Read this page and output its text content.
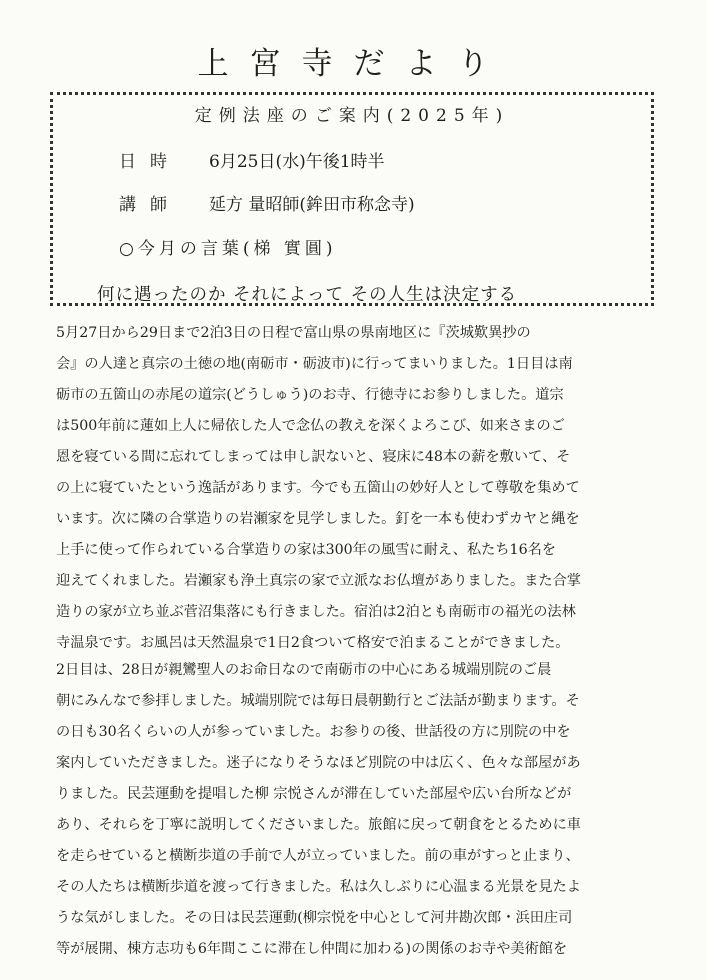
上宮寺だより
定例法座のご案内(2025年)
日時 6月25日(水)午後1時半
講師 延方 量昭師(鉾田市称念寺)
○今月の言葉(梯 實圓)
何に遇ったのか それによって その人生は決定する
5月27日から29日まで2泊3日の日程で富山県の県南地区に『茨城歎異抄の
会』の人達と真宗の土徳の地(南砺市・砺波市)に行ってまいりました。1日目は南
砺市の五箇山の赤尾の道宗(どうしゅう)のお寺、行徳寺にお参りしました。道宗
は500年前に蓮如上人に帰依した人で念仏の教えを深くよろこび、如来さまのご
恩を寝ている間に忘れてしまっては申し訳ないと、寝床に48本の薪を敷いて、そ
の上に寝ていたという逸話があります。今でも五箇山の妙好人として尊敬を集めて
います。次に隣の合掌造りの岩瀬家を見学しました。釘を一本も使わずカヤと縄を
上手に使って作られている合掌造りの家は300年の風雪に耐え、私たち16名を
迎えてくれました。岩瀬家も浄土真宗の家で立派なお仏壇がありました。また合掌
造りの家が立ち並ぶ菅沼集落にも行きました。宿泊は2泊とも南砺市の福光の法林
寺温泉です。お風呂は天然温泉で1日2食ついて格安で泊まることができました。
2日目は、28日が親鸞聖人のお命日なので南砺市の中心にある城端別院のご晨
朝にみんなで参拝しました。城端別院では毎日晨朝勤行とご法話が勤まります。そ
の日も30名くらいの人が参っていました。お参りの後、世話役の方に別院の中を
案内していただきました。迷子になりそうなほど別院の中は広く、色々な部屋があ
りました。民芸運動を提唱した柳 宗悦さんが滞在していた部屋や広い台所などが
あり、それらを丁寧に説明してくださいました。旅館に戻って朝食をとるために車
を走らせていると横断歩道の手前で人が立っていました。前の車がすっと止まり、
その人たちは横断歩道を渡って行きました。私は久しぶりに心温まる光景を見たよ
うな気がしました。その日は民芸運動(柳宗悦を中心として河井勘次郎・浜田庄司
等が展開、棟方志功も6年間ここに滞在し仲間に加わる)の関係のお寺や美術館を
